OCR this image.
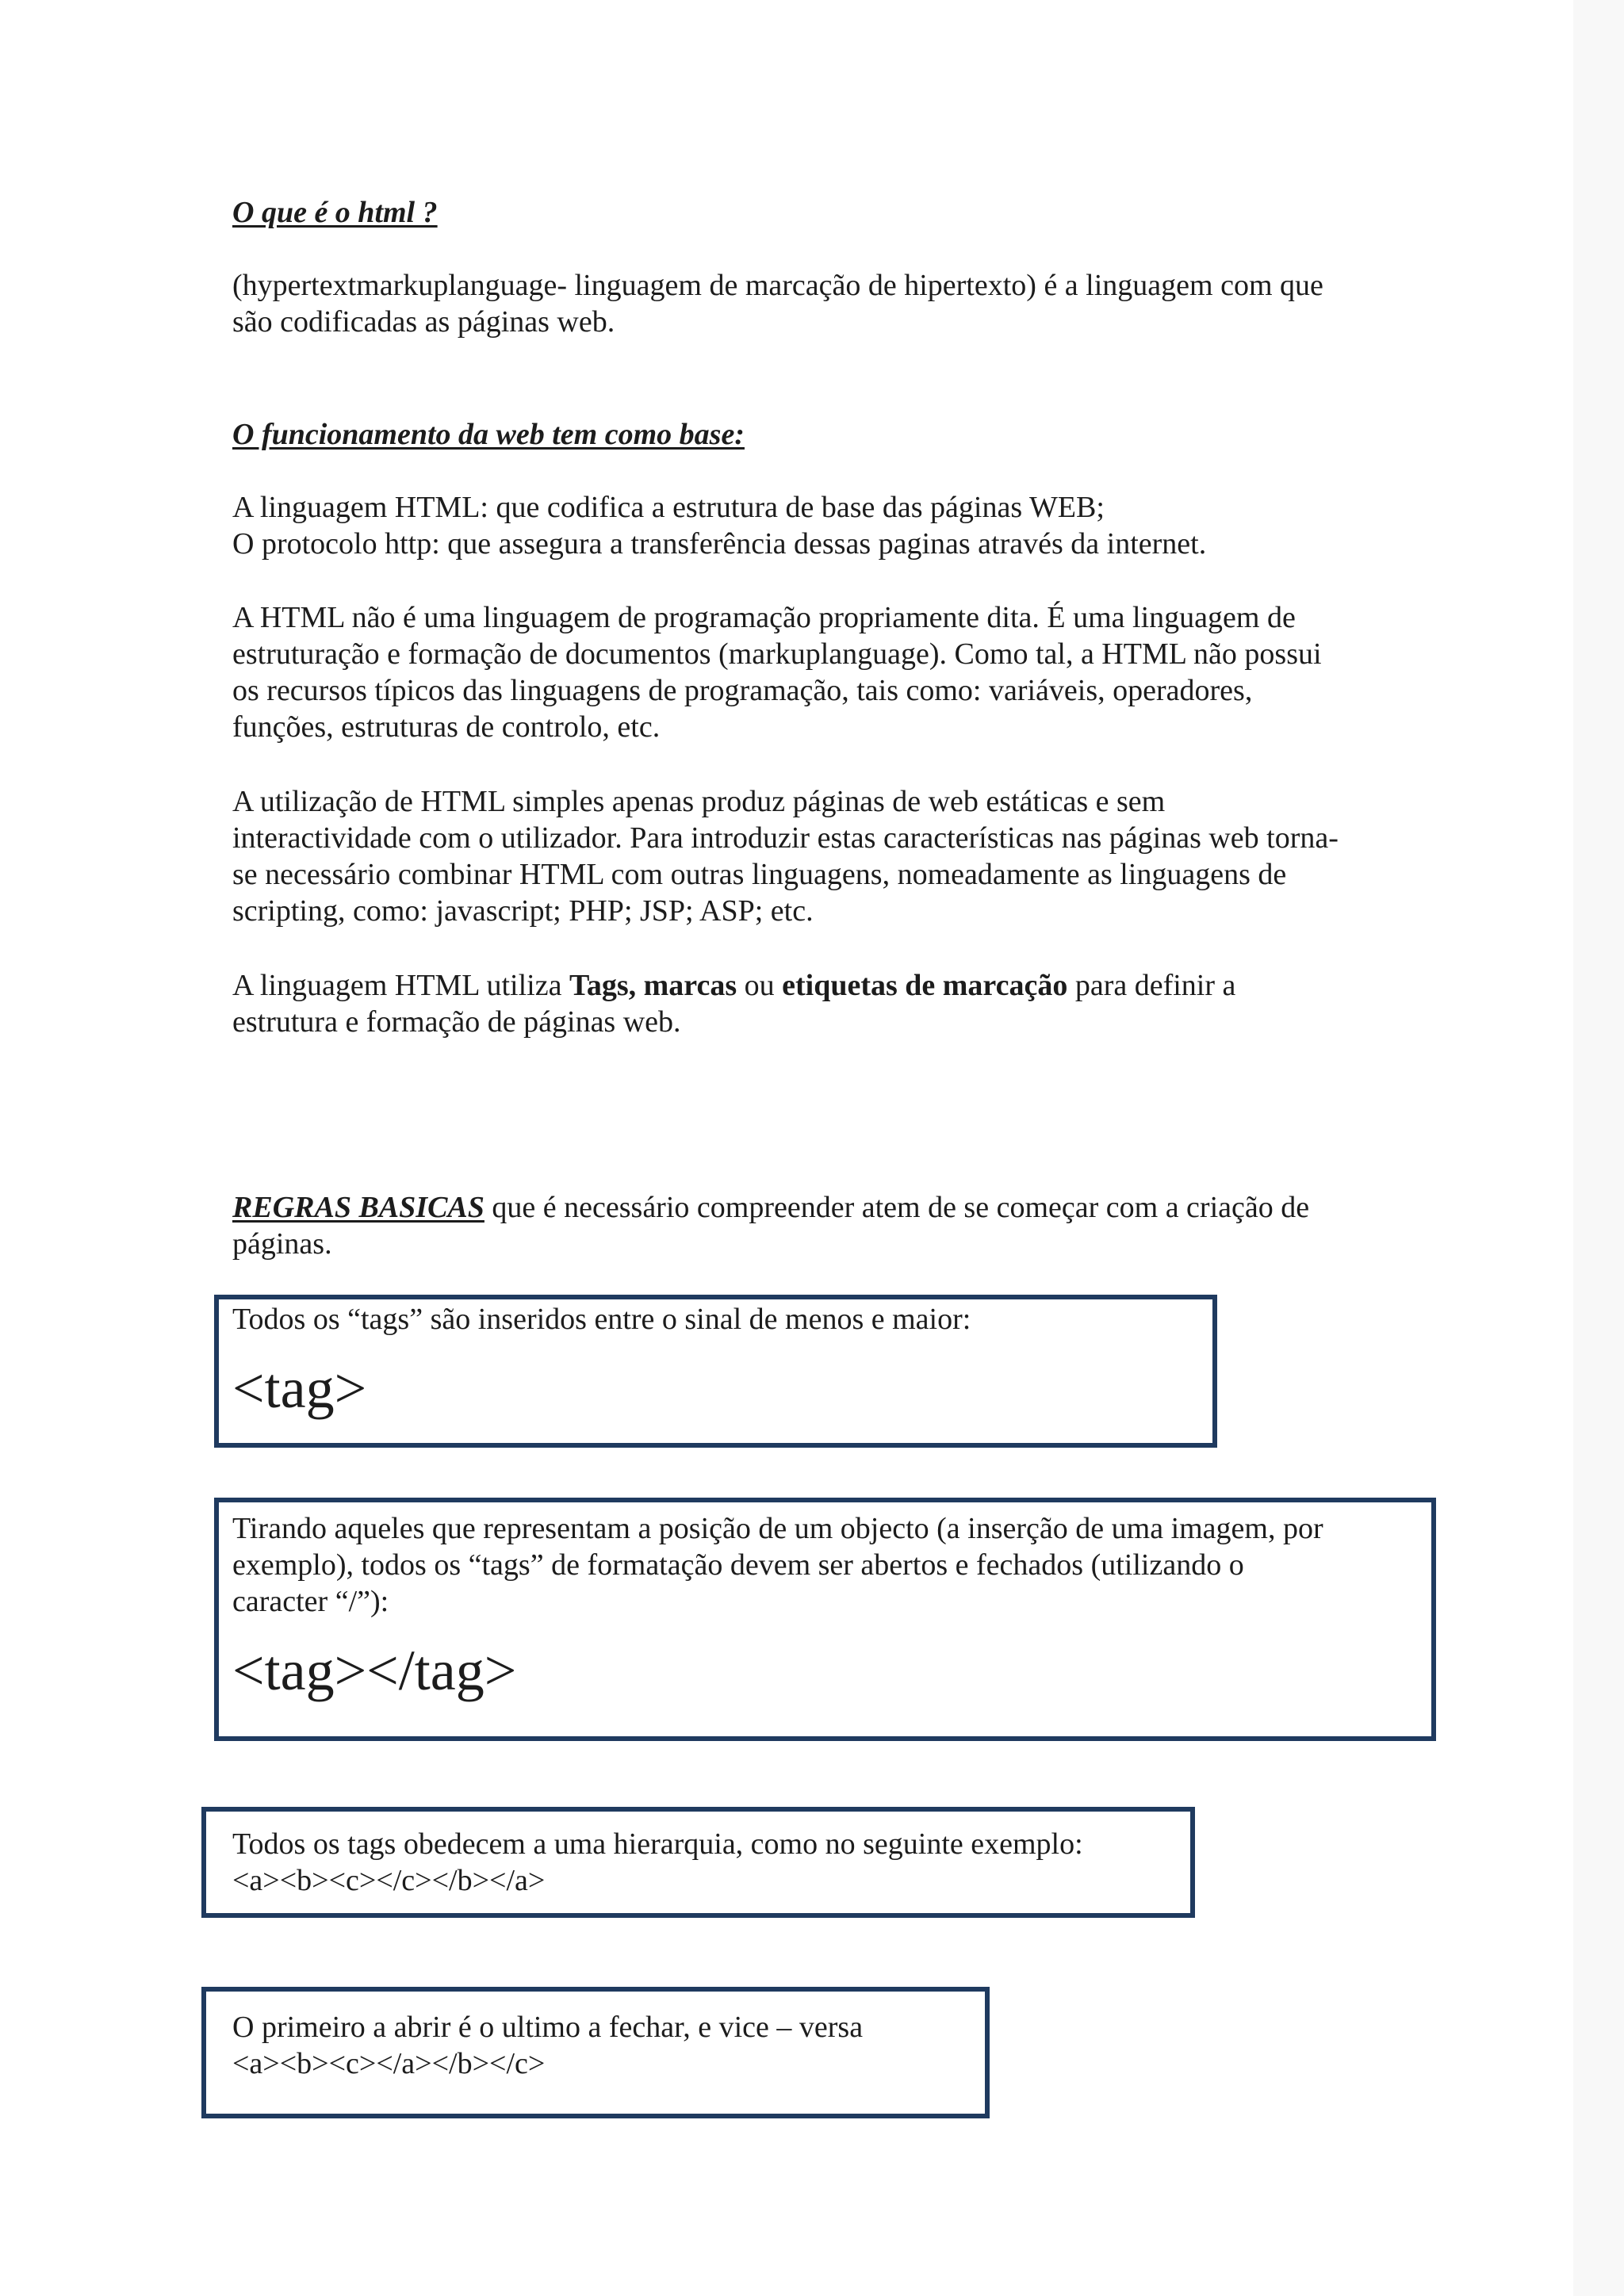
O que é o html ?

(hypertextmarkuplanguage- linguagem de marcação de hipertexto) é a linguagem com que
são codificadas as páginas web.

O funcionamento da web tem como base:

A linguagem HTML: que codifica a estrutura de base das páginas WEB;
O protocolo http: que assegura a transferência dessas paginas através da internet.

A HTML não é uma linguagem de programação propriamente dita. É uma linguagem de
estruturação e formação de documentos (markuplanguage). Como tal, a HTML não possui
os recursos típicos das linguagens de programação, tais como: variáveis, operadores,
funções, estruturas de controlo, etc.

A utilização de HTML simples apenas produz páginas de web estáticas e sem
interactividade com o utilizador. Para introduzir estas características nas páginas web torna-
se necessário combinar HTML com outras linguagens, nomeadamente as linguagens de
scripting, como: javascript; PHP; JSP; ASP; etc.

A linguagem HTML utiliza Tags, marcas ou etiquetas de marcação para definir a
estrutura e formação de páginas web.

REGRAS BASICAS que é necessário compreender atem de se começar com a criação de
páginas.

Todos os “tags” são inseridos entre o sinal de menos e maior:

<tag>

Tirando aqueles que representam a posição de um objecto (a inserção de uma imagem, por
exemplo), todos os “tags” de formatação devem ser abertos e fechados (utilizando o
caracter “/”):

<tag></tag>

Todos os tags obedecem a uma hierarquia, como no seguinte exemplo:

<a><b><c></c></b></a>

O primeiro a abrir é o ultimo a fechar, e vice – versa

<a><b><c></a></b></c>
